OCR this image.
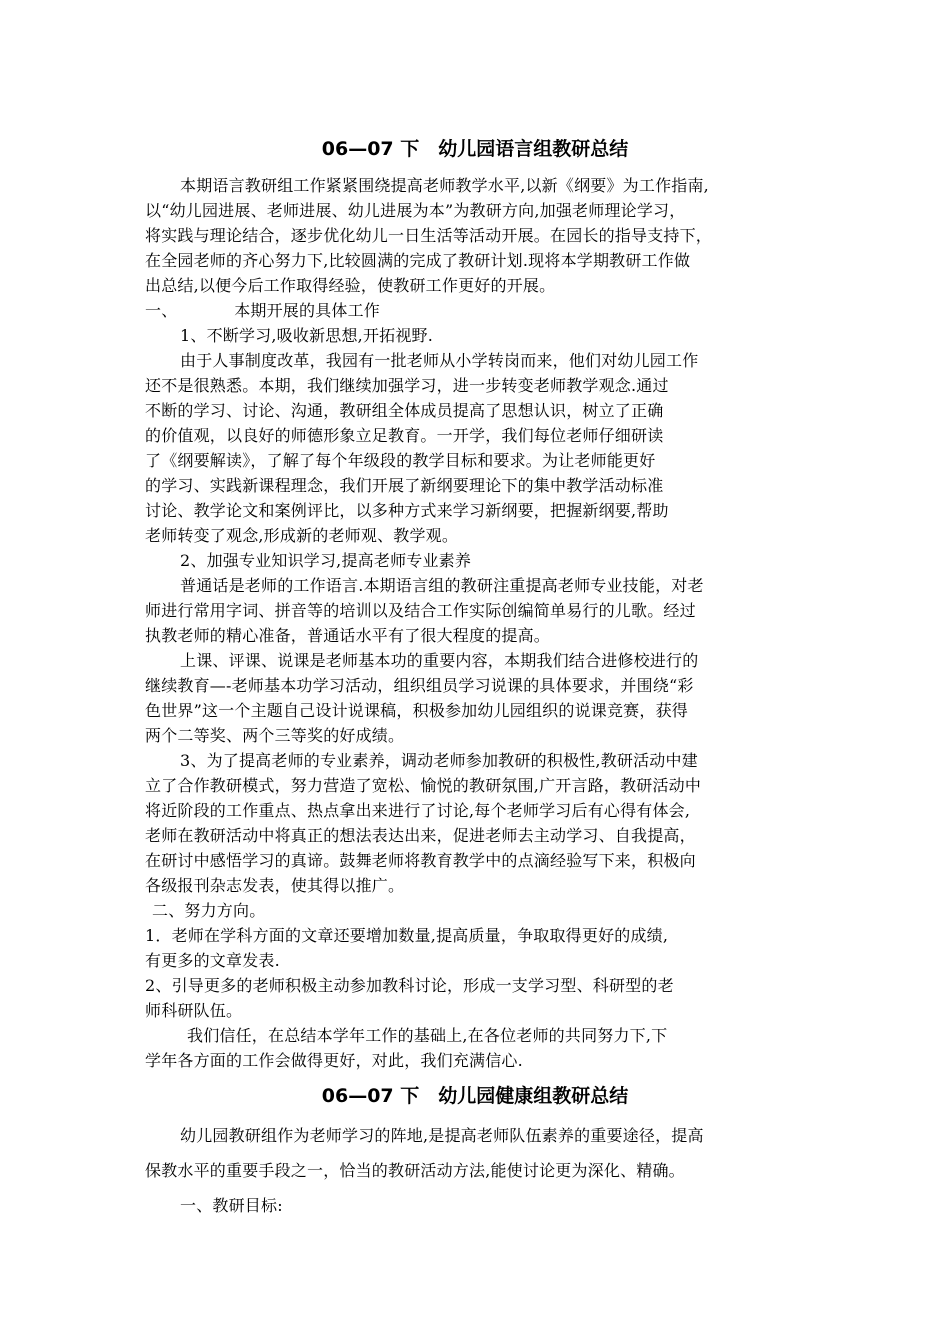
06—07 下　幼儿园语言组教研总结
本期语言教研组工作紧紧围绕提高老师教学水平,以新《纲要》为工作指南,
以“幼儿园进展、老师进展、幼儿进展为本”为教研方向,加强老师理论学习，
将实践与理论结合，逐步优化幼儿一日生活等活动开展。在园长的指导支持下，
在全园老师的齐心努力下,比较圆满的完成了教研计划.现将本学期教研工作做
出总结,以便今后工作取得经验，使教研工作更好的开展。
一、　　　　本期开展的具体工作
1、不断学习,吸收新思想,开拓视野.
由于人事制度改革，我园有一批老师从小学转岗而来，他们对幼儿园工作
还不是很熟悉。本期，我们继续加强学习，进一步转变老师教学观念.通过
不断的学习、讨论、沟通，教研组全体成员提高了思想认识，树立了正确
的价值观，以良好的师德形象立足教育。一开学，我们每位老师仔细研读
了《纲要解读》，了解了每个年级段的教学目标和要求。为让老师能更好
的学习、实践新课程理念，我们开展了新纲要理论下的集中教学活动标准
讨论、教学论文和案例评比，以多种方式来学习新纲要，把握新纲要,帮助
老师转变了观念,形成新的老师观、教学观。
2、加强专业知识学习,提高老师专业素养
普通话是老师的工作语言.本期语言组的教研注重提高老师专业技能，对老
师进行常用字词、拼音等的培训以及结合工作实际创编简单易行的儿歌。经过
执教老师的精心准备，普通话水平有了很大程度的提高。
上课、评课、说课是老师基本功的重要内容，本期我们结合进修校进行的
继续教育—-老师基本功学习活动，组织组员学习说课的具体要求，并围绕“彩
色世界”这一个主题自己设计说课稿，积极参加幼儿园组织的说课竞赛，获得
两个二等奖、两个三等奖的好成绩。
3、为了提高老师的专业素养，调动老师参加教研的积极性,教研活动中建
立了合作教研模式，努力营造了宽松、愉悦的教研氛围,广开言路，教研活动中
将近阶段的工作重点、热点拿出来进行了讨论,每个老师学习后有心得有体会,
老师在教研活动中将真正的想法表达出来，促进老师去主动学习、自我提高，
在研讨中感悟学习的真谛。鼓舞老师将教育教学中的点滴经验写下来，积极向
各级报刊杂志发表，使其得以推广。
二、努力方向。
1．老师在学科方面的文章还要增加数量,提高质量，争取取得更好的成绩,
有更多的文章发表.
2、引导更多的老师积极主动参加教科讨论，形成一支学习型、科研型的老
师科研队伍。
我们信任，在总结本学年工作的基础上,在各位老师的共同努力下,下
学年各方面的工作会做得更好，对此，我们充满信心.
06—07 下　幼儿园健康组教研总结
幼儿园教研组作为老师学习的阵地,是提高老师队伍素养的重要途径，提高
保教水平的重要手段之一，恰当的教研活动方法,能使讨论更为深化、精确。
一、教研目标:
